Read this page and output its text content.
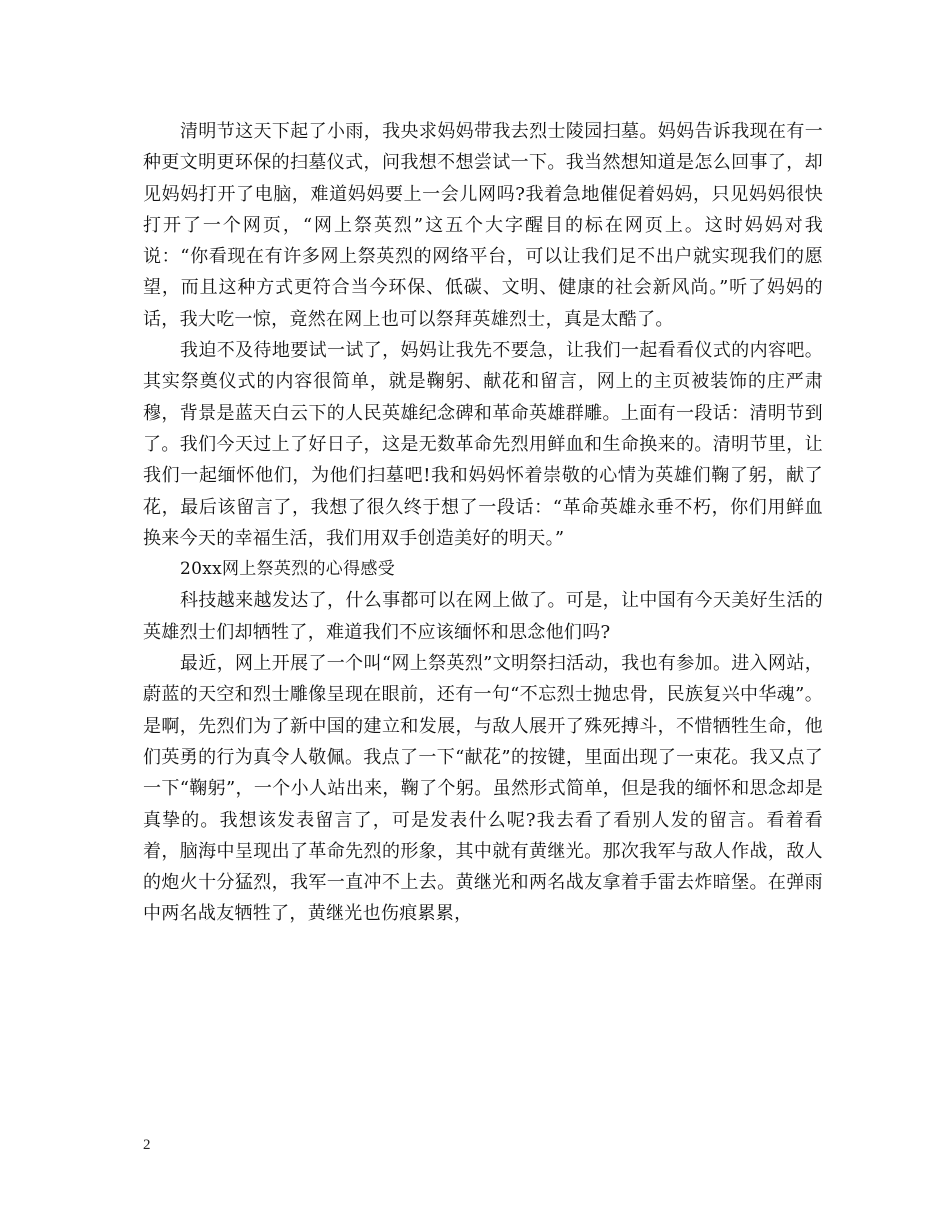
清明节这天下起了小雨，我央求妈妈带我去烈士陵园扫墓。妈妈告诉我现在有一种更文明更环保的扫墓仪式，问我想不想尝试一下。我当然想知道是怎么回事了，却见妈妈打开了电脑，难道妈妈要上一会儿网吗?我着急地催促着妈妈，只见妈妈很快打开了一个网页，“网上祭英烈”这五个大字醒目的标在网页上。这时妈妈对我说：“你看现在有许多网上祭英烈的网络平台，可以让我们足不出户就实现我们的愿望，而且这种方式更符合当今环保、低碳、文明、健康的社会新风尚。”听了妈妈的话，我大吃一惊，竟然在网上也可以祭拜英雄烈士，真是太酷了。

我迫不及待地要试一试了，妈妈让我先不要急，让我们一起看看仪式的内容吧。其实祭奠仪式的内容很简单，就是鞠躬、献花和留言，网上的主页被装饰的庄严肃穆，背景是蓝天白云下的人民英雄纪念碑和革命英雄群雕。上面有一段话：清明节到了。我们今天过上了好日子，这是无数革命先烈用鲜血和生命换来的。清明节里，让我们一起缅怀他们，为他们扫墓吧!我和妈妈怀着崇敬的心情为英雄们鞠了躬，献了花，最后该留言了，我想了很久终于想了一段话：“革命英雄永垂不朽，你们用鲜血换来今天的幸福生活，我们用双手创造美好的明天。”

20xx网上祭英烈的心得感受

科技越来越发达了，什么事都可以在网上做了。可是，让中国有今天美好生活的英雄烈士们却牺牲了，难道我们不应该缅怀和思念他们吗?

最近，网上开展了一个叫“网上祭英烈”文明祭扫活动，我也有参加。进入网站，蔚蓝的天空和烈士雕像呈现在眼前，还有一句“不忘烈士抛忠骨，民族复兴中华魂”。是啊，先烈们为了新中国的建立和发展，与敌人展开了殊死搏斗，不惜牺牲生命，他们英勇的行为真令人敬佩。我点了一下“献花”的按键，里面出现了一束花。我又点了一下“鞠躬”，一个小人站出来，鞠了个躬。虽然形式简单，但是我的缅怀和思念却是真挚的。我想该发表留言了，可是发表什么呢?我去看了看别人发的留言。看着看着，脑海中呈现出了革命先烈的形象，其中就有黄继光。那次我军与敌人作战，敌人的炮火十分猛烈，我军一直冲不上去。黄继光和两名战友拿着手雷去炸暗堡。在弹雨中两名战友牺牲了，黄继光也伤痕累累，

2
